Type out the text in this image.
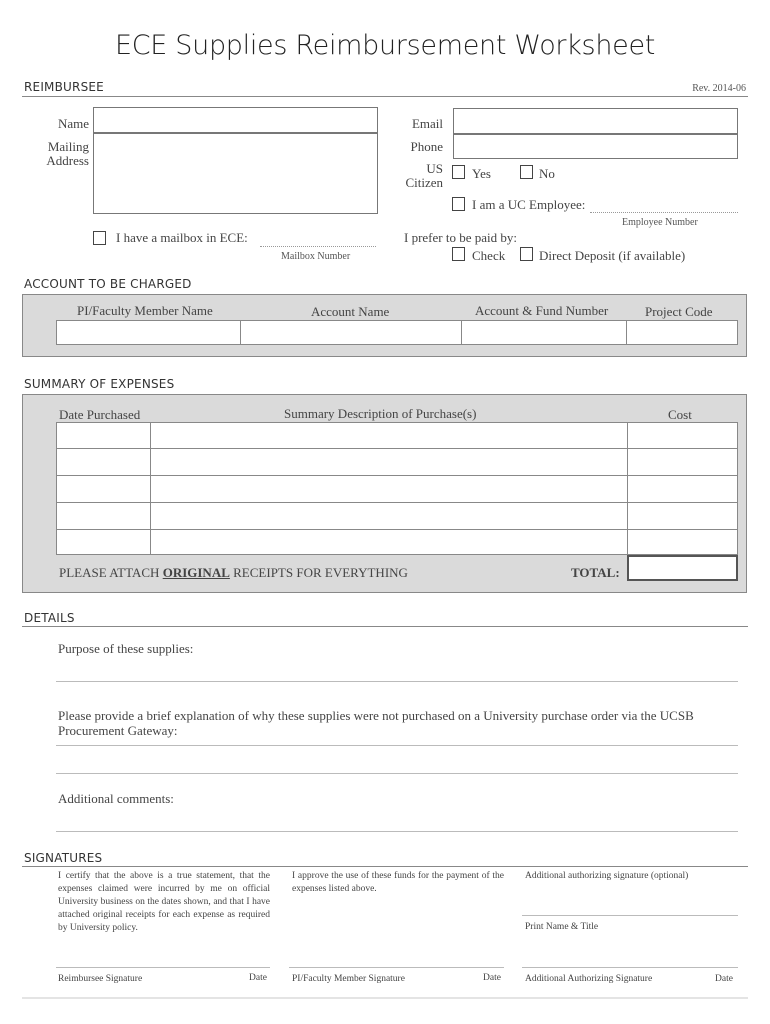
ECE Supplies Reimbursement Worksheet
REIMBURSEE	Rev. 2014-06
Name
Mailing
Address
Email
Phone
US
Citizen
Yes	No
I am a UC Employee:
Employee Number
I have a mailbox in ECE:
Mailbox Number
I prefer to be paid by:
Check	Direct Deposit (if available)
ACCOUNT TO BE CHARGED
PI/Faculty Member Name	Account Name	Account & Fund Number	Project Code
SUMMARY OF EXPENSES
Date Purchased	Summary Description of Purchase(s)	Cost
PLEASE ATTACH ORIGINAL RECEIPTS FOR EVERYTHING	TOTAL:
DETAILS
Purpose of these supplies:
Please provide a brief explanation of why these supplies were not purchased on a University purchase order via the UCSB Procurement Gateway:
Additional comments:
SIGNATURES
I certify that the above is a true statement, that the expenses claimed were incurred by me on official University business on the dates shown, and that I have attached original receipts for each expense as required by University policy.
I approve the use of these funds for the payment of the expenses listed above.
Additional authorizing signature (optional)
Print Name & Title
Reimbursee Signature	Date	PI/Faculty Member Signature	Date	Additional Authorizing Signature	Date
